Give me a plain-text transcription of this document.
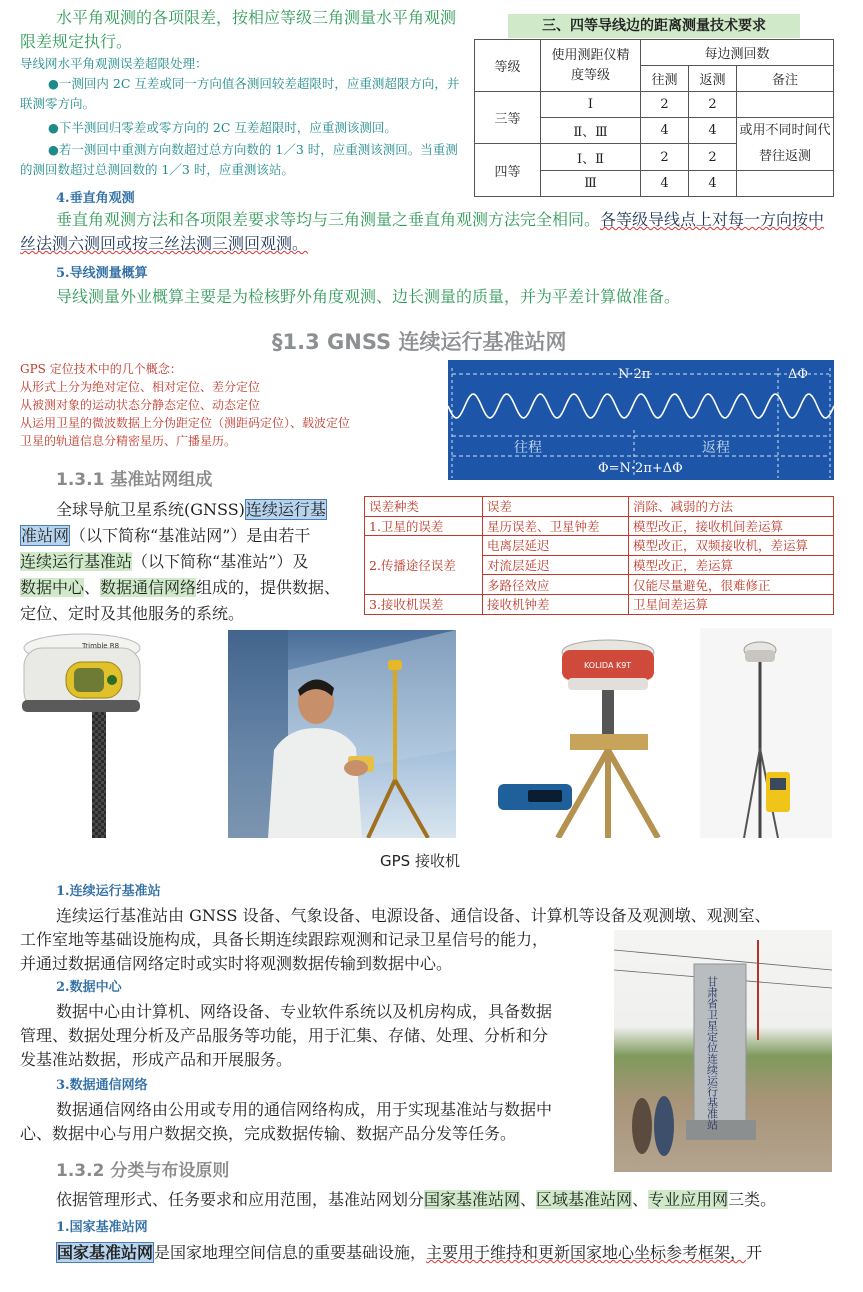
水平角观测的各项限差，按相应等级三角测量水平角观测限差规定执行。
导线网水平角观测误差超限处理：
●一测回内 2C 互差或同一方向值各测回较差超限时，应重测超限方向，并联测零方向。
●下半测回归零差或零方向的 2C 互差超限时，应重测该测回。
●若一测回中重测方向数超过总方向数的 1／3 时，应重测该测回。当重测的测回数超过总测回数的 1／3 时，应重测该站。
三、四等导线边的距离测量技术要求
等级	使用测距仪精度等级	每边测回数		
		往测	返测	备注
三等	Ⅰ	2	2	
	Ⅱ、Ⅲ	4	4	或用不同时间代替往返测
四等	Ⅰ、Ⅱ	2	2	
	Ⅲ	4	4	
4.垂直角观测
垂直角观测方法和各项限差要求等均与三角测量之垂直角观测方法完全相同。各等级导线点上对每一方向按中丝法测六测回或按三丝法测三测回观测。
5.导线测量概算
导线测量外业概算主要是为检核野外角度观测、边长测量的质量，并为平差计算做准备。
§1.3 GNSS 连续运行基准站网
GPS 定位技术中的几个概念：
从形式上分为绝对定位、相对定位、差分定位
从被测对象的运动状态分静态定位、动态定位
从运用卫星的微波数据上分伪距定位（测距码定位）、载波定位
卫星的轨道信息分精密星历、广播星历。
N·2π	ΔΦ
往程	返程
Φ=N·2π+ΔΦ
1.3.1 基准站网组成
全球导航卫星系统(GNSS)连续运行基
准站网（以下简称“基准站网”）是由若干
连续运行基准站（以下简称“基准站”）及
数据中心、数据通信网络组成的，提供数据、定位、定时及其他服务的系统。
误差种类	误差	消除、减弱的方法
1.卫星的误差	星历误差、卫星钟差	模型改正，接收机间差运算
2.传播途径误差	电离层延迟	模型改正，双频接收机，差运算
	对流层延迟	模型改正，差运算
	多路径效应	仅能尽量避免，很难修正
3.接收机误差	接收机钟差	卫星间差运算
Trimble R8
KOLIDA K9T
GPS 接收机
甘肃省卫星定位连续运行基准站
1.连续运行基准站
连续运行基准站由 GNSS 设备、气象设备、电源设备、通信设备、计算机等设备及观测墩、观测室、
工作室地等基础设施构成，具备长期连续跟踪观测和记录卫星信号的能力，
并通过数据通信网络定时或实时将观测数据传输到数据中心。
2.数据中心
数据中心由计算机、网络设备、专业软件系统以及机房构成，具备数据
管理、数据处理分析及产品服务等功能，用于汇集、存储、处理、分析和分
发基准站数据，形成产品和开展服务。
3.数据通信网络
数据通信网络由公用或专用的通信网络构成，用于实现基准站与数据中
心、数据中心与用户数据交换，完成数据传输、数据产品分发等任务。
1.3.2 分类与布设原则
依据管理形式、任务要求和应用范围，基准站网划分国家基准站网、区域基准站网、专业应用网三类。
1.国家基准站网
国家基准站网是国家地理空间信息的重要基础设施，主要用于维持和更新国家地心坐标参考框架，开
